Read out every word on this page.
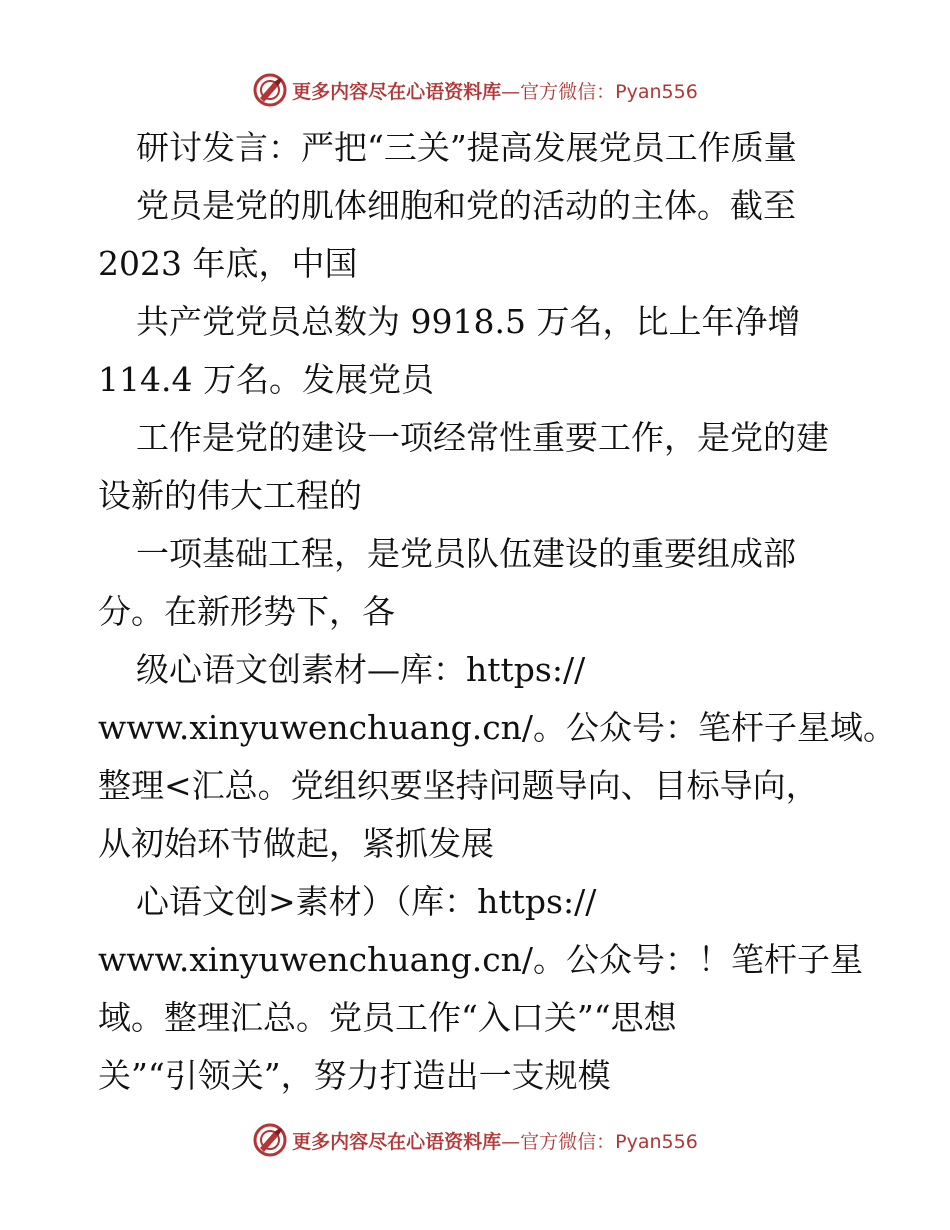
更多内容尽在心语资料库—官方微信：Pyan556
研讨发言：严把“三关”提高发展党员工作质量
党员是党的肌体细胞和党的活动的主体。截至
2023 年底，中国
共产党党员总数为 9918.5 万名，比上年净增
114.4 万名。发展党员
工作是党的建设一项经常性重要工作，是党的建
设新的伟大工程的
一项基础工程，是党员队伍建设的重要组成部
分。在新形势下，各
级心语文创素材—库：https://
www.xinyuwenchuang.cn/。公众号：笔杆子星域。
整理<汇总。党组织要坚持问题导向、目标导向，
从初始环节做起，紧抓发展
心语文创>素材）（库：https://
www.xinyuwenchuang.cn/。公众号：！笔杆子星
域。整理汇总。党员工作“入口关”“思想
关”“引领关”，努力打造出一支规模
更多内容尽在心语资料库—官方微信：Pyan556
